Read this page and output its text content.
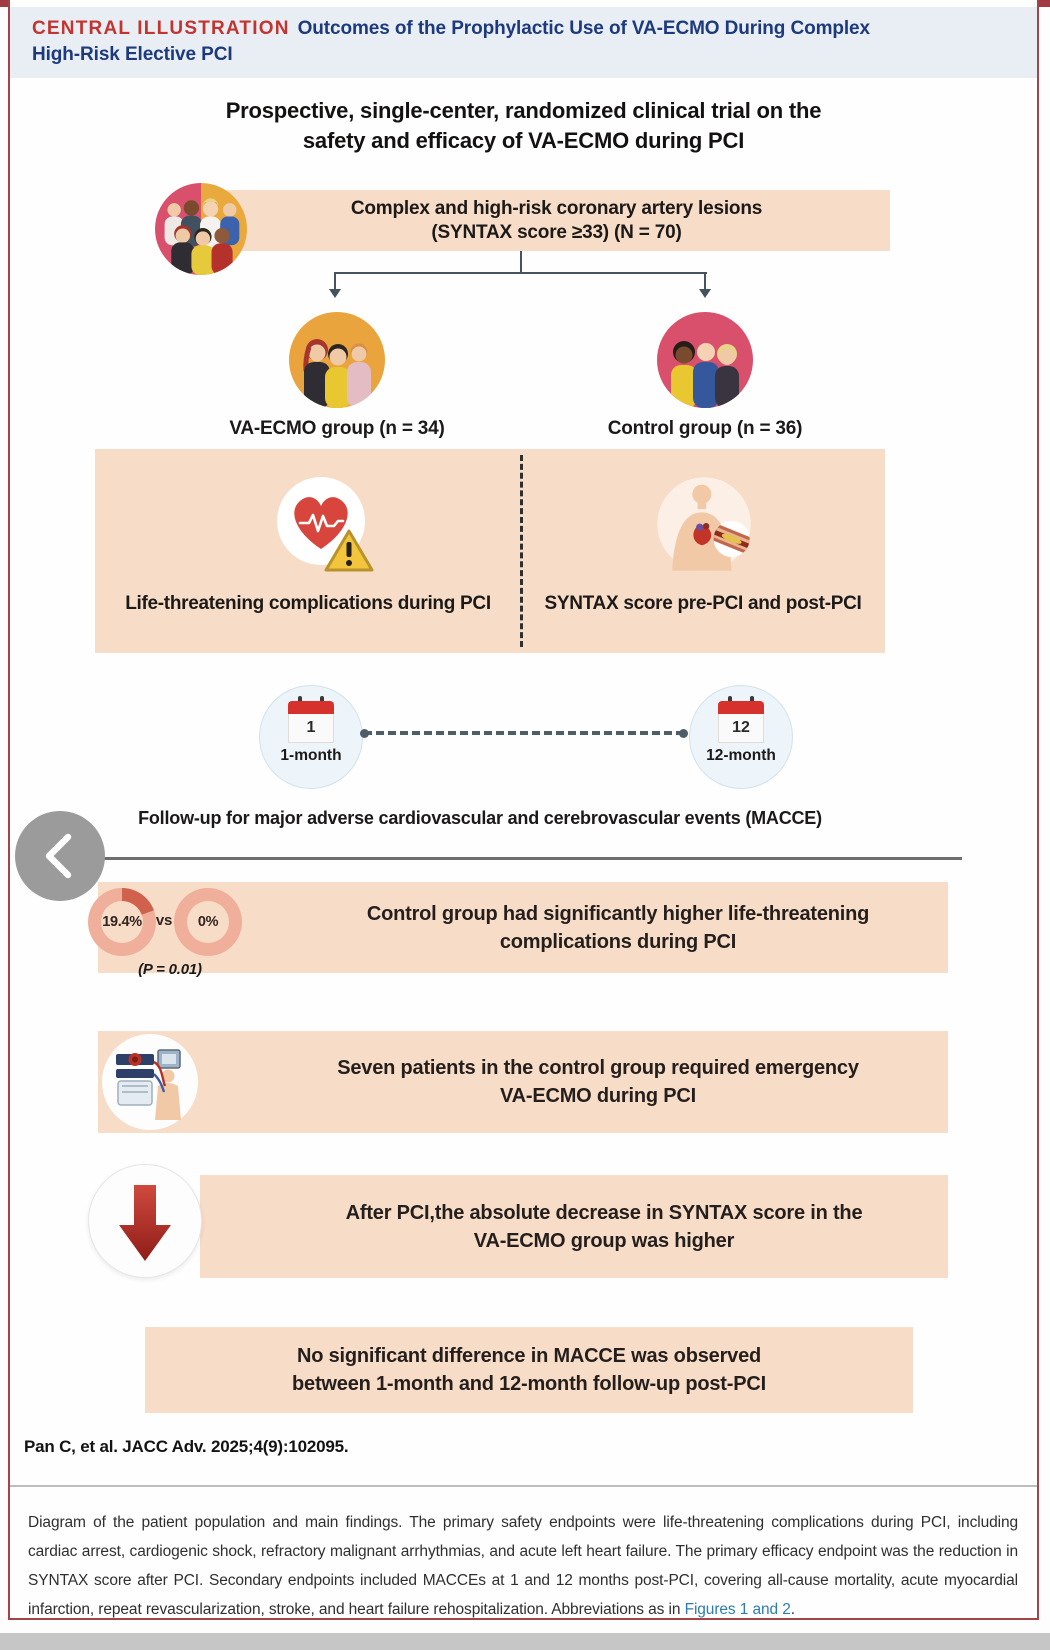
CENTRAL ILLUSTRATION Outcomes of the Prophylactic Use of VA-ECMO During Complex High-Risk Elective PCI
Prospective, single-center, randomized clinical trial on the
safety and efficacy of VA-ECMO during PCI
Complex and high-risk coronary artery lesions
(SYNTAX score ≥33) (N = 70)
VA-ECMO group (n = 34)	Control group (n = 36)
Life-threatening complications during PCI	SYNTAX score pre-PCI and post-PCI
1
1-month
12
12-month
Follow-up for major adverse cardiovascular and cerebrovascular events (MACCE)
19.4% vs	0%
(P = 0.01)
Control group had significantly higher life-threatening
complications during PCI
Seven patients in the control group required emergency
VA-ECMO during PCI
After PCI,the absolute decrease in SYNTAX score in the
VA-ECMO group was higher
No significant difference in MACCE was observed
between 1-month and 12-month follow-up post-PCI
Pan C, et al. JACC Adv. 2025;4(9):102095.

Diagram of the patient population and main findings. The primary safety endpoints were life-threatening complications during PCI, including cardiac arrest, cardiogenic shock, refractory malignant arrhythmias, and acute left heart failure. The primary efficacy endpoint was the reduction in SYNTAX score after PCI. Secondary endpoints included MACCEs at 1 and 12 months post-PCI, covering all-cause mortality, acute myocardial infarction, repeat revascularization, stroke, and heart failure rehospitalization. Abbreviations as in Figures 1 and 2.
